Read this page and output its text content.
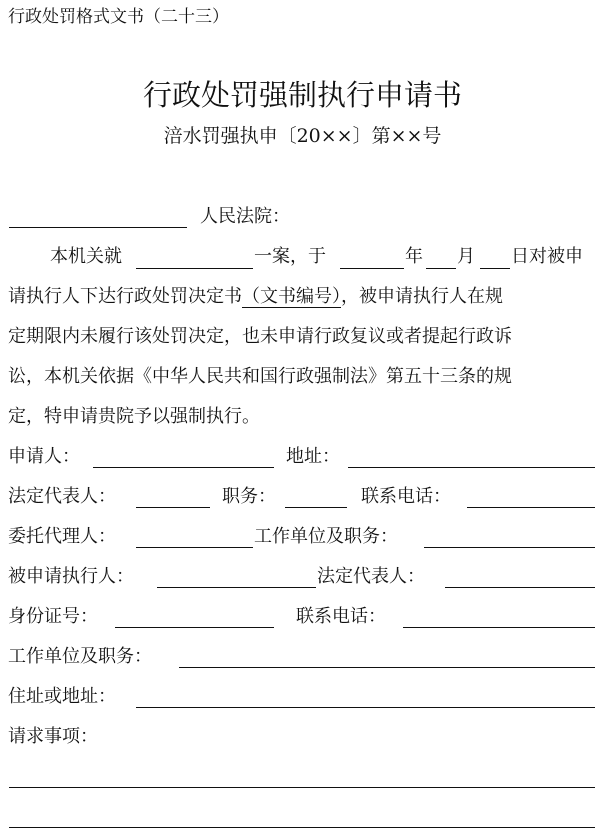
行政处罚格式文书（二十三）
行政处罚强制执行申请书
涪水罚强执申〔20××〕第××号
人民法院：
本机关就	一案，于	年 月 日对被申
请执行人下达行政处罚决定书（文书编号），被申请执行人在规
定期限内未履行该处罚决定，也未申请行政复议或者提起行政诉
讼，本机关依据《中华人民共和国行政强制法》第五十三条的规
定，特申请贵院予以强制执行。
申请人：	地址：
法定代表人：	职务：	联系电话：
委托代理人：	工作单位及职务：
被申请执行人：	法定代表人：
身份证号：	联系电话：
工作单位及职务：
住址或地址：
请求事项：
